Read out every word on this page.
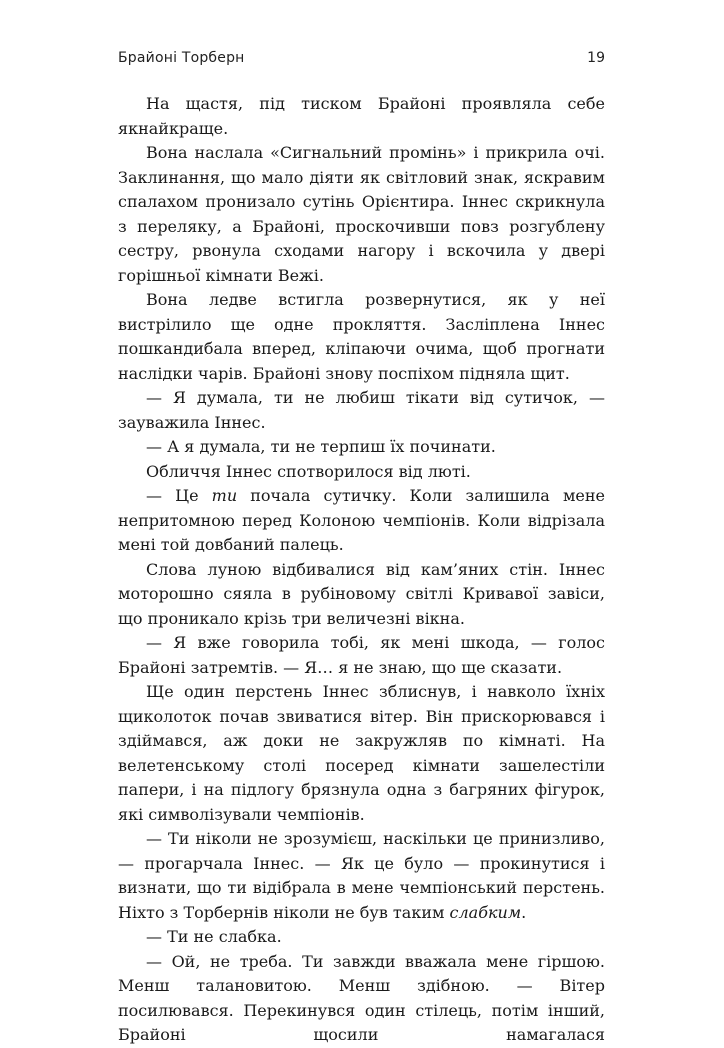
Брайоні Торберн	19

На щастя, під тиском Брайоні проявляла себе якнайкраще.

Вона наслала «Сигнальний промінь» і прикрила очі. Заклинання, що мало діяти як світловий знак, яскравим спалахом пронизало сутінь Орієнтира. Іннес скрикнула з переляку, а Брайоні, проскочивши повз розгублену сестру, рвонула сходами нагору і вскочила у двері горішньої кімнати Вежі.

Вона ледве встигла розвернутися, як у неї вистрілило ще одне прокляття. Засліплена Іннес пошкандибала вперед, кліпаючи очима, щоб прогнати наслідки чарів. Брайоні знову поспіхом підняла щит.

— Я думала, ти не любиш тікати від сутичок, — зауважила Іннес.

— А я думала, ти не терпиш їх починати.

Обличчя Іннес спотворилося від люті.

— Це ти почала сутичку. Коли залишила мене непритомною перед Колоною чемпіонів. Коли відрізала мені той довбаний палець.

Слова луною відбивалися від кам’яних стін. Іннес моторошно сяяла в рубіновому світлі Кривавої завіси, що проникало крізь три величезні вікна.

— Я вже говорила тобі, як мені шкода, — голос Брайоні затремтів. — Я… я не знаю, що ще сказати.

Ще один перстень Іннес зблиснув, і навколо їхніх щиколоток почав звиватися вітер. Він прискорювався і здіймався, аж доки не закружляв по кімнаті. На велетенському столі посеред кімнати зашелестіли папери, і на підлогу брязнула одна з багряних фігурок, які символізували чемпіонів.

— Ти ніколи не зрозумієш, наскільки це принизливо, — прогарчала Іннес. — Як це було — прокинутися і визнати, що ти відібрала в мене чемпіонський перстень. Ніхто з Торбернів ніколи не був таким слабким.

— Ти не слабка.

— Ой, не треба. Ти завжди вважала мене гіршою. Менш талановитою. Менш здібною. — Вітер посилювався. Перекинувся один стілець, потім інший, Брайоні щосили намагалася
